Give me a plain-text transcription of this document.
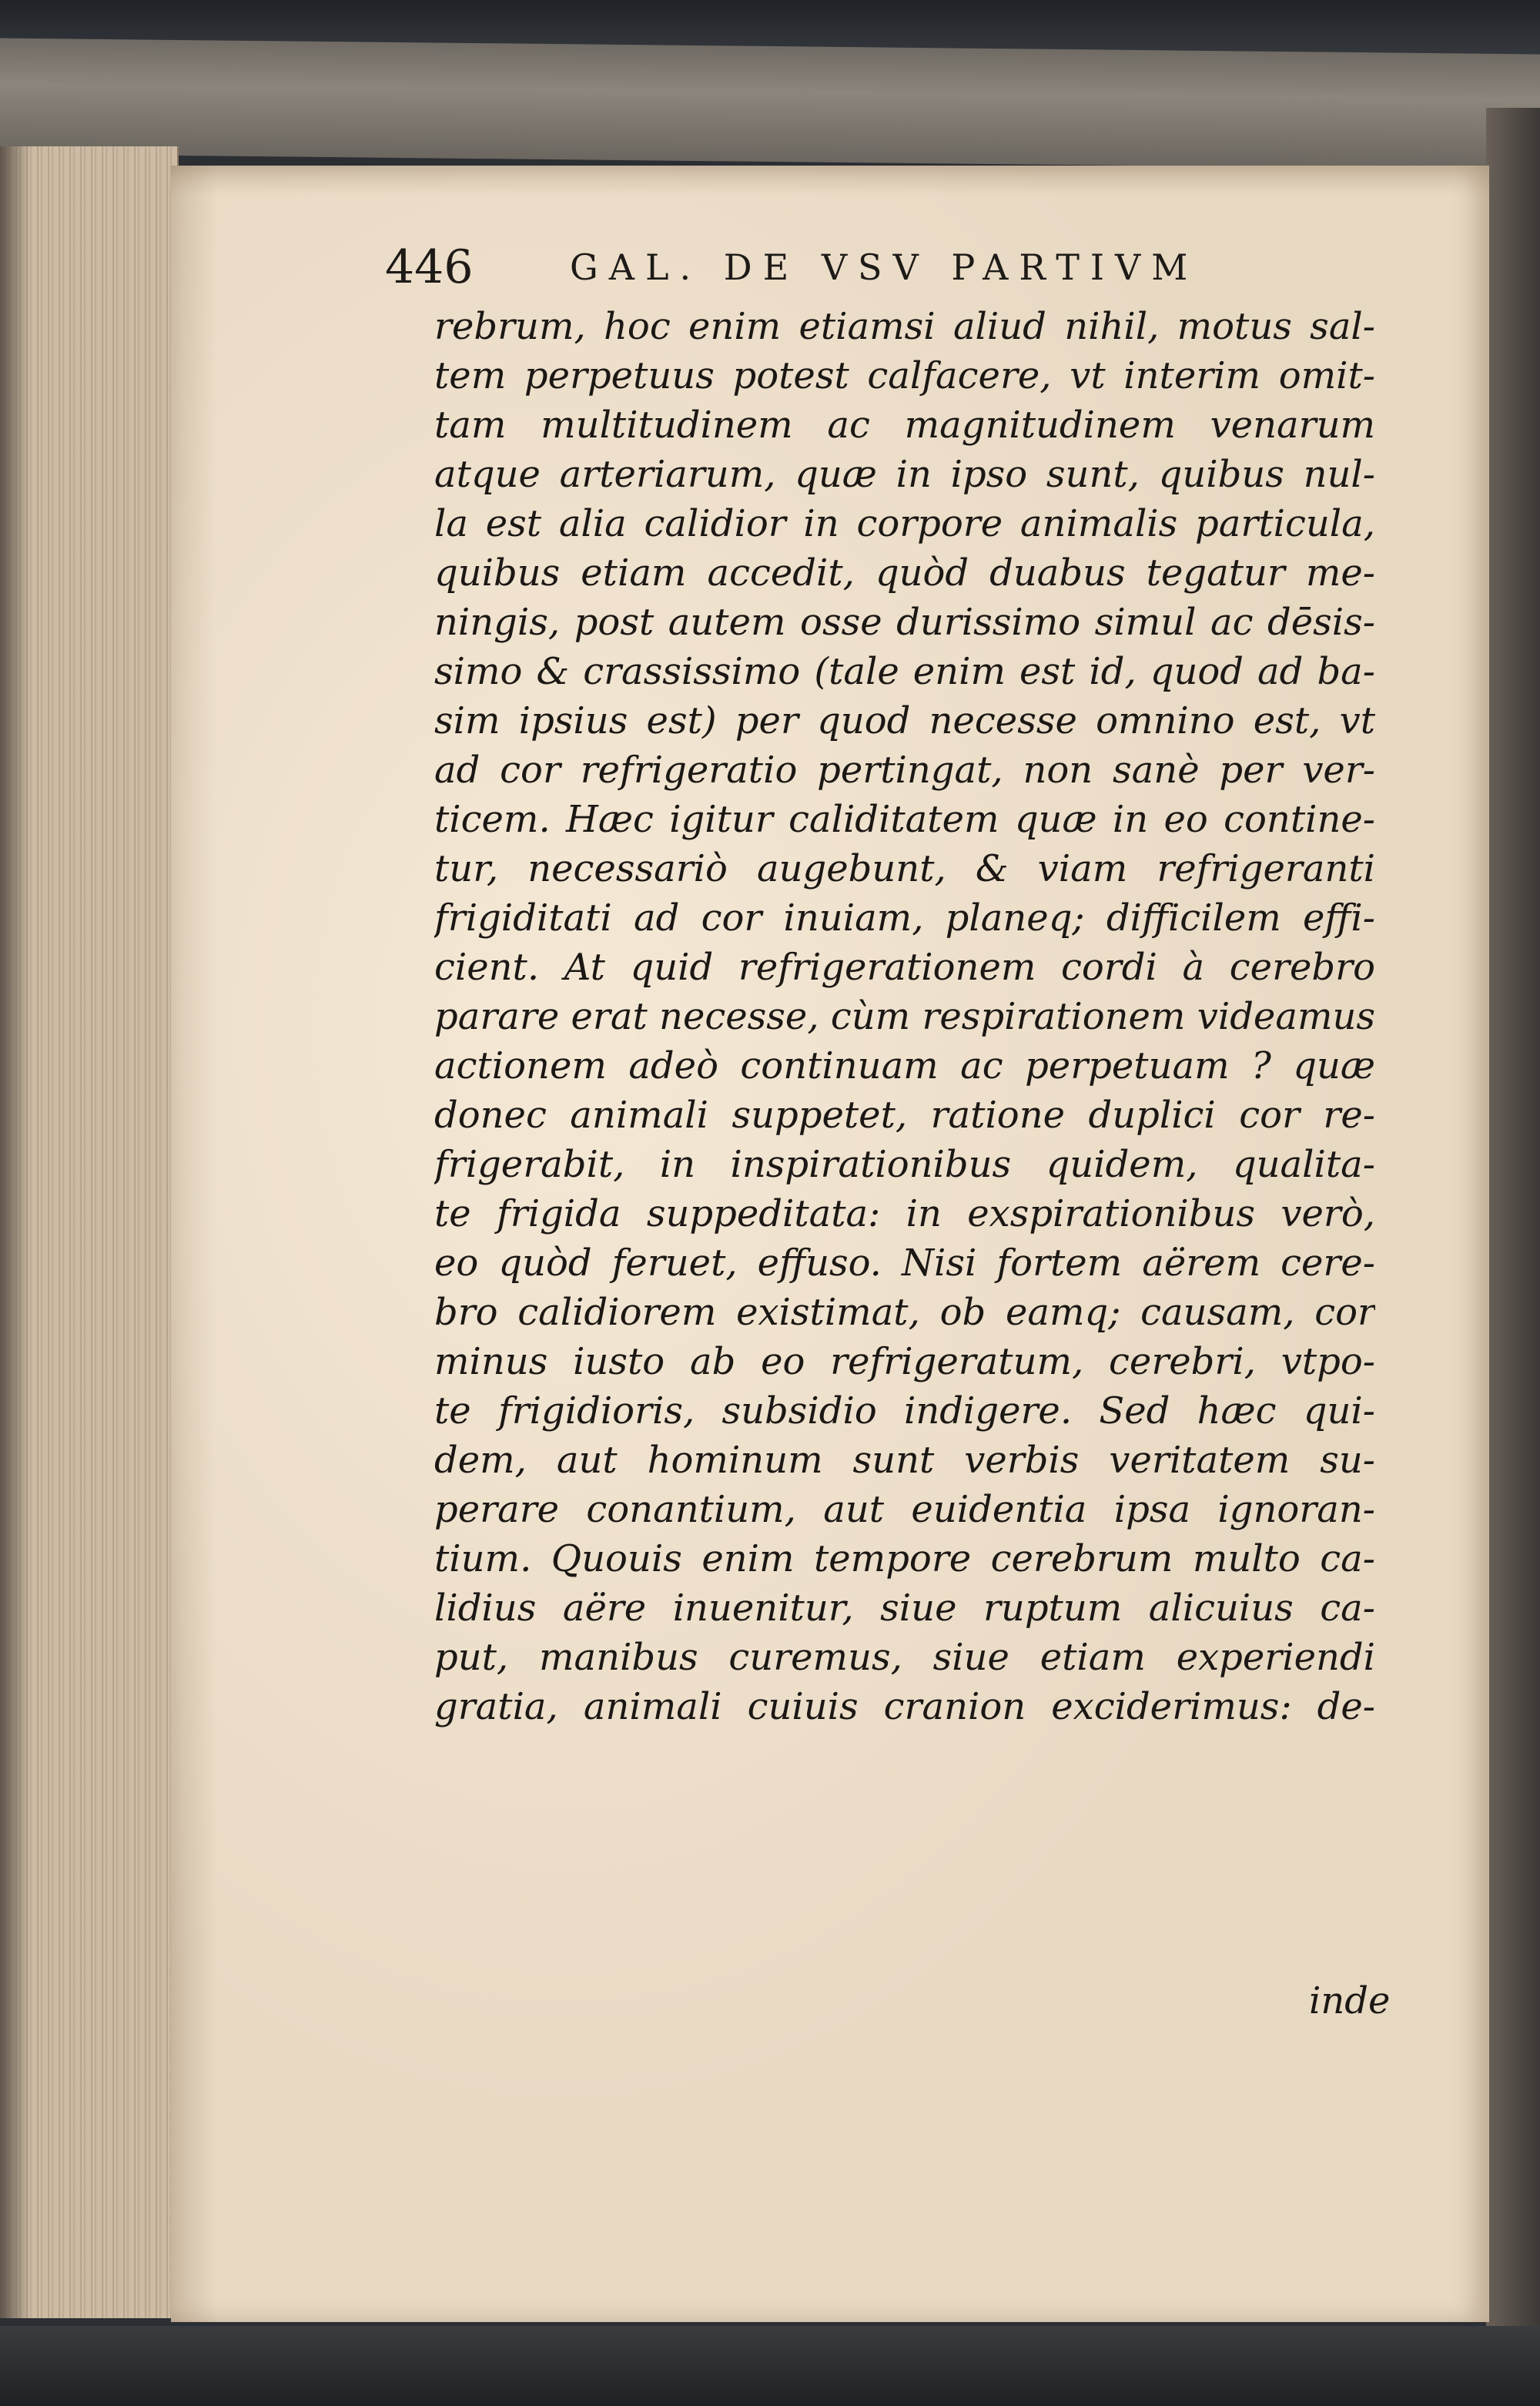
446	GAL. DE VSV PARTIVM
rebrum, hoc enim etiamsi aliud nihil, motus sal-
tem perpetuus potest calfacere, vt interim omit-
tam multitudinem ac magnitudinem venarum
atque arteriarum, quæ in ipso sunt, quibus nul-
la est alia calidior in corpore animalis particula,
quibus etiam accedit, quòd duabus tegatur me-
ningis, post autem osse durissimo simul ac dēsis-
simo & crassissimo (tale enim est id, quod ad ba-
sim ipsius est) per quod necesse omnino est, vt
ad cor refrigeratio pertingat, non sanè per ver-
ticem. Hæc igitur caliditatem quæ in eo contine-
tur, necessariò augebunt, & viam refrigeranti
frigiditati ad cor inuiam, planeq; difficilem effi-
cient. At quid refrigerationem cordi à cerebro
parare erat necesse, cùm respirationem videamus
actionem adeò continuam ac perpetuam ? quæ
donec animali suppetet, ratione duplici cor re-
frigerabit, in inspirationibus quidem, qualita-
te frigida suppeditata: in exspirationibus verò,
eo quòd feruet, effuso. Nisi fortem aërem cere-
bro calidiorem existimat, ob eamq; causam, cor
minus iusto ab eo refrigeratum, cerebri, vtpo-
te frigidioris, subsidio indigere. Sed hæc qui-
dem, aut hominum sunt verbis veritatem su-
perare conantium, aut euidentia ipsa ignoran-
tium. Quouis enim tempore cerebrum multo ca-
lidius aëre inuenitur, siue ruptum alicuius ca-
put, manibus curemus, siue etiam experiendi
gratia, animali cuiuis cranion exciderimus: de-
inde
